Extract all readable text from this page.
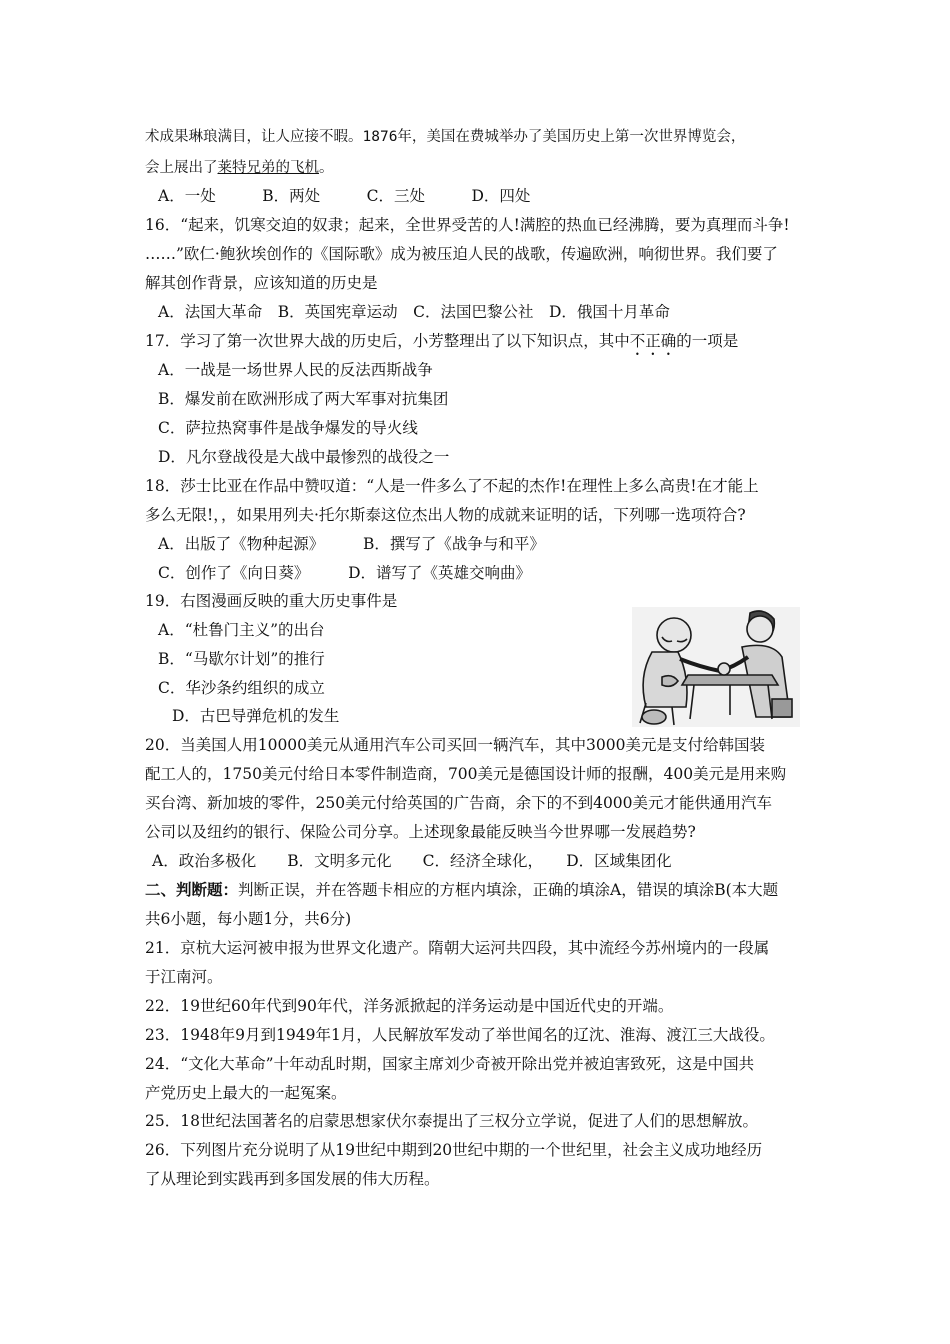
术成果琳琅满目，让人应接不暇。1876年，美国在费城举办了美国历史上第一次世界博览会，
会上展出了莱特兄弟的飞机。
A．一处　　　B．两处　　　C．三处　　　D．四处
16．“起来，饥寒交迫的奴隶；起来，全世界受苦的人!满腔的热血已经沸腾，要为真理而斗争!
……”欧仁·鲍狄埃创作的《国际歌》成为被压迫人民的战歌，传遍欧洲，响彻世界。我们要了
解其创作背景，应该知道的历史是
A．法国大革命　B．英国宪章运动　C．法国巴黎公社　D．俄国十月革命
17．学习了第一次世界大战的历史后，小芳整理出了以下知识点，其中不正确的一项是
A．一战是一场世界人民的反法西斯战争
B．爆发前在欧洲形成了两大军事对抗集团
C．萨拉热窝事件是战争爆发的导火线
D．凡尔登战役是大战中最惨烈的战役之一
18．莎士比亚在作品中赞叹道：“人是一件多么了不起的杰作!在理性上多么高贵!在才能上
多么无限!，，如果用列夫·托尔斯泰这位杰出人物的成就来证明的话，下列哪一选项符合?
A．出版了《物种起源》　　　B．撰写了《战争与和平》
C．创作了《向日葵》　　　D．谱写了《英雄交响曲》
19．右图漫画反映的重大历史事件是
A．“杜鲁门主义”的出台
B．“马歇尔计划”的推行
C．华沙条约组织的成立
D．古巴导弹危机的发生
20．当美国人用10000美元从通用汽车公司买回一辆汽车，其中3000美元是支付给韩国装
配工人的，1750美元付给日本零件制造商，700美元是德国设计师的报酬，400美元是用来购
买台湾、新加坡的零件，250美元付给英国的广告商，余下的不到4000美元才能供通用汽车
公司以及纽约的银行、保险公司分享。上述现象最能反映当今世界哪一发展趋势?
A．政治多极化　　B．文明多元化　　C．经济全球化，　　D．区域集团化
二、判断题：判断正误，并在答题卡相应的方框内填涂，正确的填涂A，错误的填涂B(本大题
共6小题，每小题1分，共6分)
21．京杭大运河被申报为世界文化遗产。隋朝大运河共四段，其中流经今苏州境内的一段属
于江南河。
22．19世纪60年代到90年代，洋务派掀起的洋务运动是中国近代史的开端。
23．1948年9月到1949年1月，人民解放军发动了举世闻名的辽沈、淮海、渡江三大战役。
24．“文化大革命”十年动乱时期，国家主席刘少奇被开除出党并被迫害致死，这是中国共
产党历史上最大的一起冤案。
25．18世纪法国著名的启蒙思想家伏尔泰提出了三权分立学说，促进了人们的思想解放。
26．下列图片充分说明了从19世纪中期到20世纪中期的一个世纪里，社会主义成功地经历
了从理论到实践再到多国发展的伟大历程。
